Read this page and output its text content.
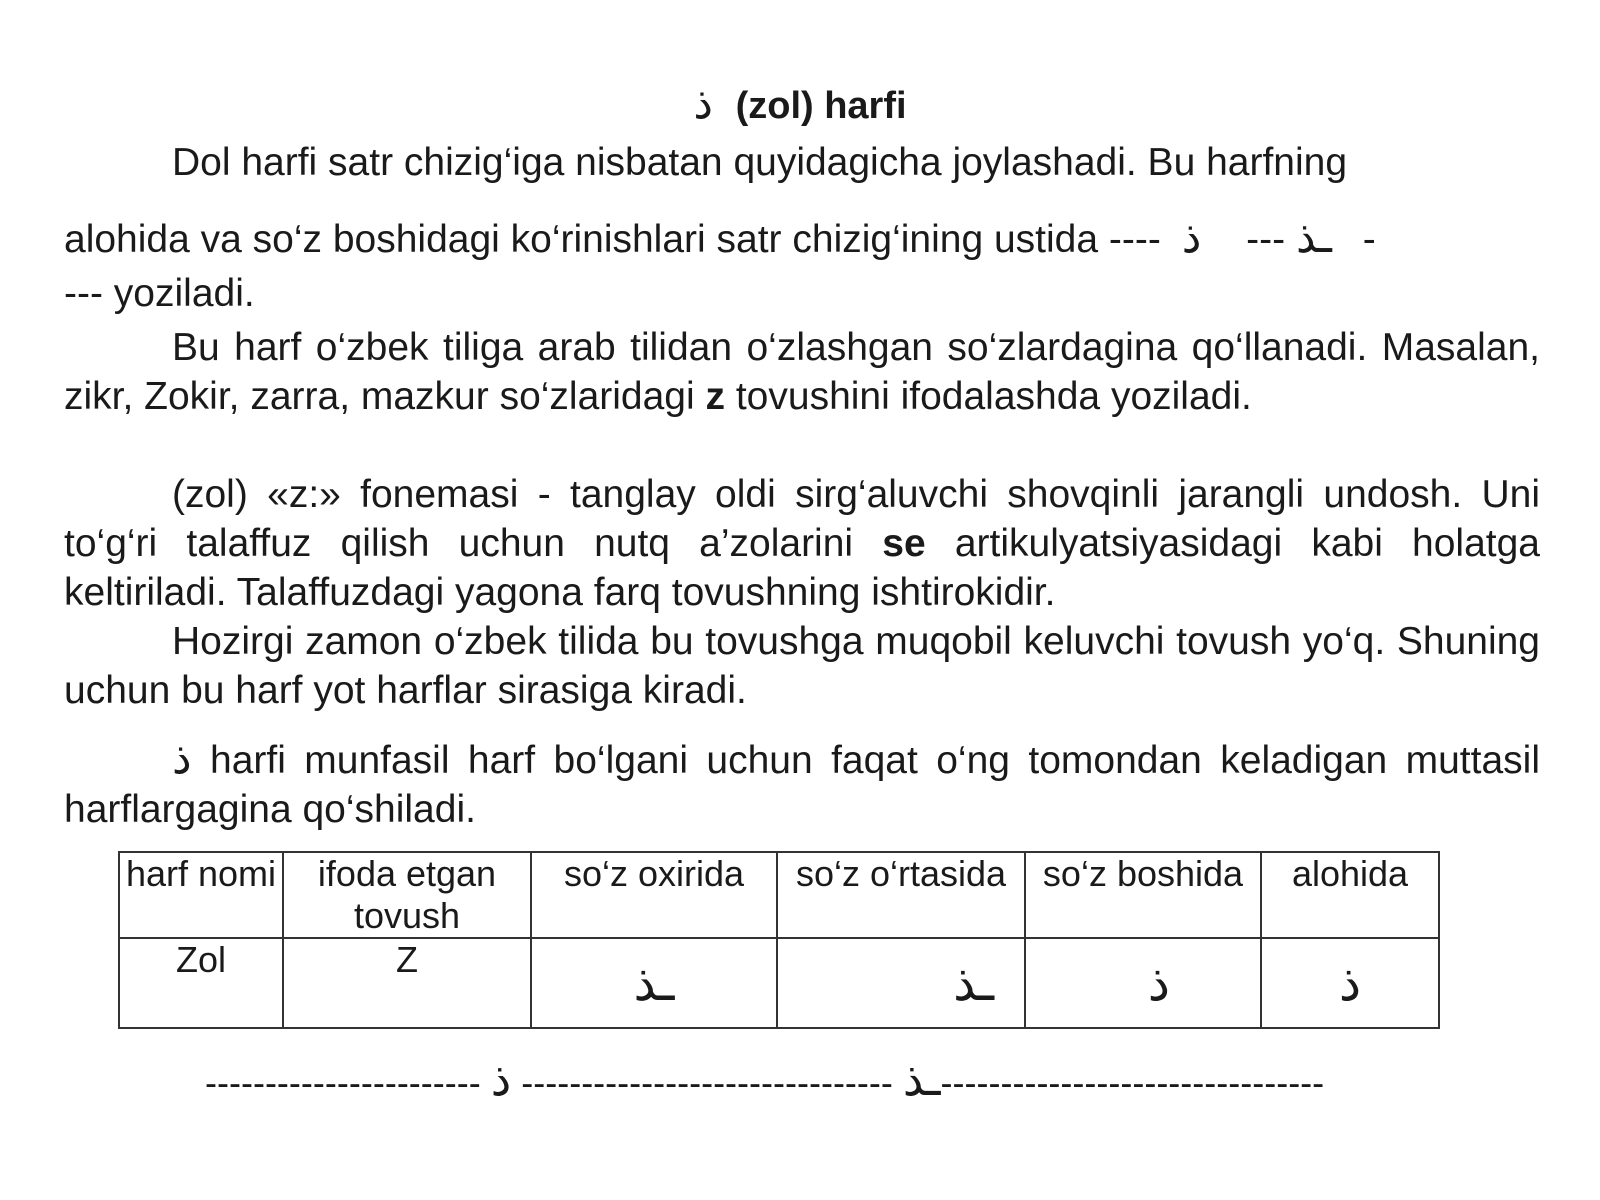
ذ (zol) harfi
Dol harfi satr chizig‘iga nisbatan quyidagicha joylashadi. Bu harfning
alohida va so‘z boshidagi ko‘rinishlari satr chizig‘ining ustida ----	ـذ --- ذ	-
--- yoziladi.
Bu harf o‘zbek tiliga arab tilidan o‘zlashgan so‘zlardagina qo‘llanadi. Masalan, zikr, Zokir, zarra, mazkur so‘zlaridagi z tovushini ifodalashda yoziladi.
(zol) «z:» fonemasi - tanglay oldi sirg‘aluvchi shovqinli jarangli undosh. Uni to‘g‘ri talaffuz qilish uchun nutq a’zolarini se artikulyatsiyasidagi kabi holatga keltiriladi. Talaffuzdagi yagona farq tovushning ishtirokidir.
Hozirgi zamon o‘zbek tilida bu tovushga muqobil keluvchi tovush yo‘q. Shuning uchun bu harf yot harflar sirasiga kiradi.
ذ harfi munfasil harf bo‘lgani uchun faqat o‘ng tomondan keladigan muttasil harflargagina qo‘shiladi.
harf nomi	ifoda etgan tovush	so‘z oxirida	so‘z o‘rtasida	so‘z boshida	alohida
Zol	Z	ـذ	ـذ	ذ	ذ
-----------------------	ـذ ------------------------------- ذ	--------------------------------
